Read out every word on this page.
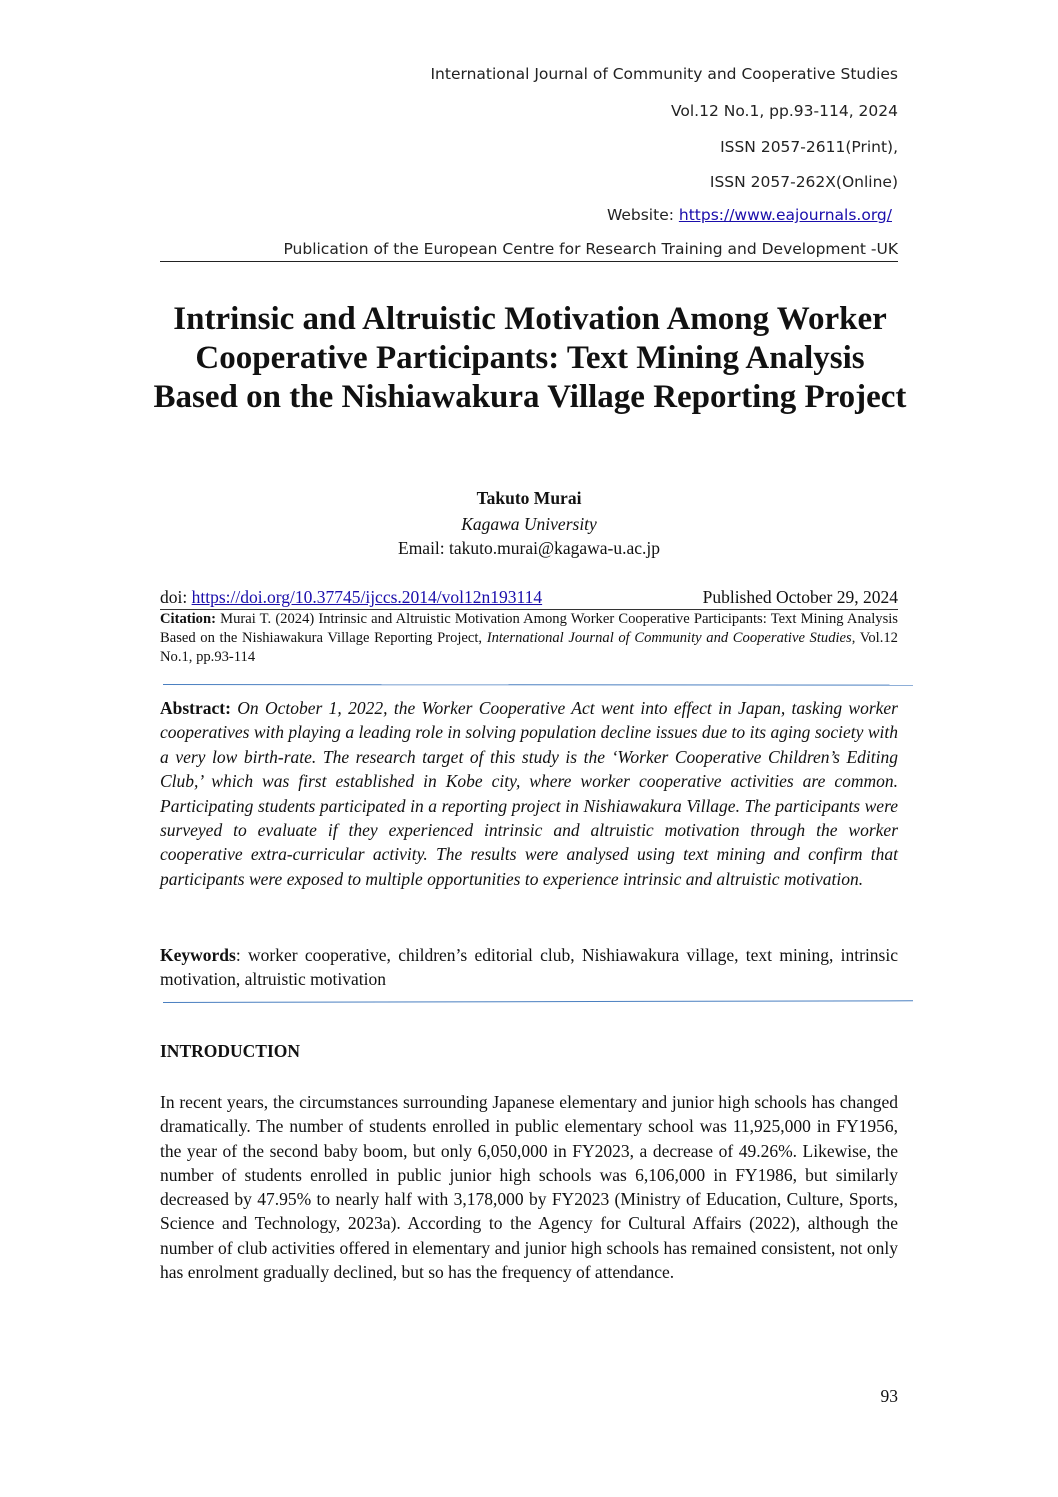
International Journal of Community and Cooperative Studies
Vol.12 No.1, pp.93-114, 2024
ISSN 2057-2611(Print),
ISSN 2057-262X(Online)
Website: https://www.eajournals.org/
Publication of the European Centre for Research Training and Development -UK
Intrinsic and Altruistic Motivation Among Worker Cooperative Participants: Text Mining Analysis Based on the Nishiawakura Village Reporting Project
Takuto Murai
Kagawa University
Email: takuto.murai@kagawa-u.ac.jp
doi: https://doi.org/10.37745/ijccs.2014/vol12n193114	Published October 29, 2024
Citation: Murai T. (2024) Intrinsic and Altruistic Motivation Among Worker Cooperative Participants: Text Mining Analysis Based on the Nishiawakura Village Reporting Project, International Journal of Community and Cooperative Studies, Vol.12 No.1, pp.93-114
Abstract: On October 1, 2022, the Worker Cooperative Act went into effect in Japan, tasking worker cooperatives with playing a leading role in solving population decline issues due to its aging society with a very low birth-rate. The research target of this study is the ‘Worker Cooperative Children’s Editing Club,’ which was first established in Kobe city, where worker cooperative activities are common. Participating students participated in a reporting project in Nishiawakura Village. The participants were surveyed to evaluate if they experienced intrinsic and altruistic motivation through the worker cooperative extra-curricular activity. The results were analysed using text mining and confirm that participants were exposed to multiple opportunities to experience intrinsic and altruistic motivation.
Keywords: worker cooperative, children’s editorial club, Nishiawakura village, text mining, intrinsic motivation, altruistic motivation
INTRODUCTION
In recent years, the circumstances surrounding Japanese elementary and junior high schools has changed dramatically. The number of students enrolled in public elementary school was 11,925,000 in FY1956, the year of the second baby boom, but only 6,050,000 in FY2023, a decrease of 49.26%. Likewise, the number of students enrolled in public junior high schools was 6,106,000 in FY1986, but similarly decreased by 47.95% to nearly half with 3,178,000 by FY2023 (Ministry of Education, Culture, Sports, Science and Technology, 2023a). According to the Agency for Cultural Affairs (2022), although the number of club activities offered in elementary and junior high schools has remained consistent, not only has enrolment gradually declined, but so has the frequency of attendance.
93
